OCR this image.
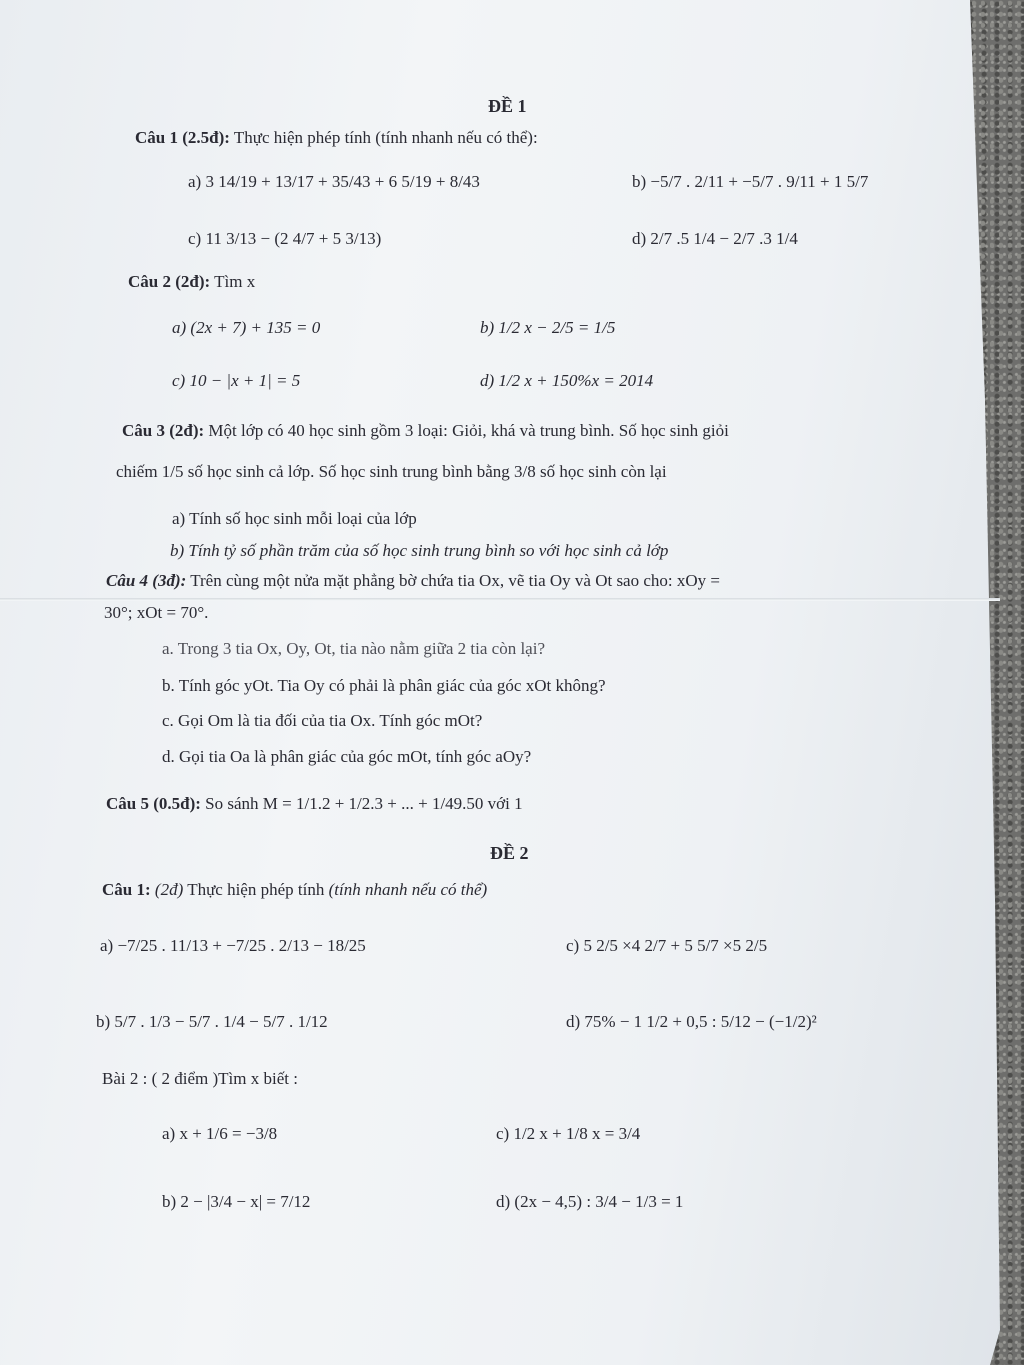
ĐỀ 1
Câu 1 (2.5đ): Thực hiện phép tính (tính nhanh nếu có thể):
a) 3 14/19 + 13/17 + 35/43 + 6 5/19 + 8/43	b) −5/7 . 2/11 + −5/7 . 9/11 + 1 5/7
c) 11 3/13 − (2 4/7 + 5 3/13)	d) 2/7 .5 1/4 − 2/7 .3 1/4
Câu 2 (2đ): Tìm x
a) (2x + 7) + 135 = 0	b) 1/2 x − 2/5 = 1/5
c) 10 − |x + 1| = 5	d) 1/2 x + 150%x = 2014
Câu 3 (2đ): Một lớp có 40 học sinh gồm 3 loại: Giỏi, khá và trung bình. Số học sinh giỏi
chiếm 1/5 số học sinh cả lớp. Số học sinh trung bình bằng 3/8 số học sinh còn lại
a) Tính số học sinh mỗi loại của lớp
b) Tính tỷ số phần trăm của số học sinh trung bình so với học sinh cả lớp
Câu 4 (3đ): Trên cùng một nửa mặt phẳng bờ chứa tia Ox, vẽ tia Oy và Ot sao cho: xOy =
30°; xOt = 70°.
a. Trong 3 tia Ox, Oy, Ot, tia nào nằm giữa 2 tia còn lại?
b. Tính góc yOt. Tia Oy có phải là phân giác của góc xOt không?
c. Gọi Om là tia đối của tia Ox. Tính góc mOt?
d. Gọi tia Oa là phân giác của góc mOt, tính góc aOy?
Câu 5 (0.5đ): So sánh M = 1/1.2 + 1/2.3 + ... + 1/49.50 với 1
ĐỀ 2
Câu 1: (2đ) Thực hiện phép tính (tính nhanh nếu có thể)
a) −7/25 . 11/13 + −7/25 . 2/13 − 18/25	c) 5 2/5 ×4 2/7 + 5 5/7 ×5 2/5
b) 5/7 . 1/3 − 5/7 . 1/4 − 5/7 . 1/12	d) 75% − 1 1/2 + 0,5 : 5/12 − (−1/2)²
Bài 2 : ( 2 điểm )Tìm x biết :
a) x + 1/6 = −3/8	c) 1/2 x + 1/8 x = 3/4
b) 2 − |3/4 − x| = 7/12	d) (2x − 4,5) : 3/4 − 1/3 = 1
